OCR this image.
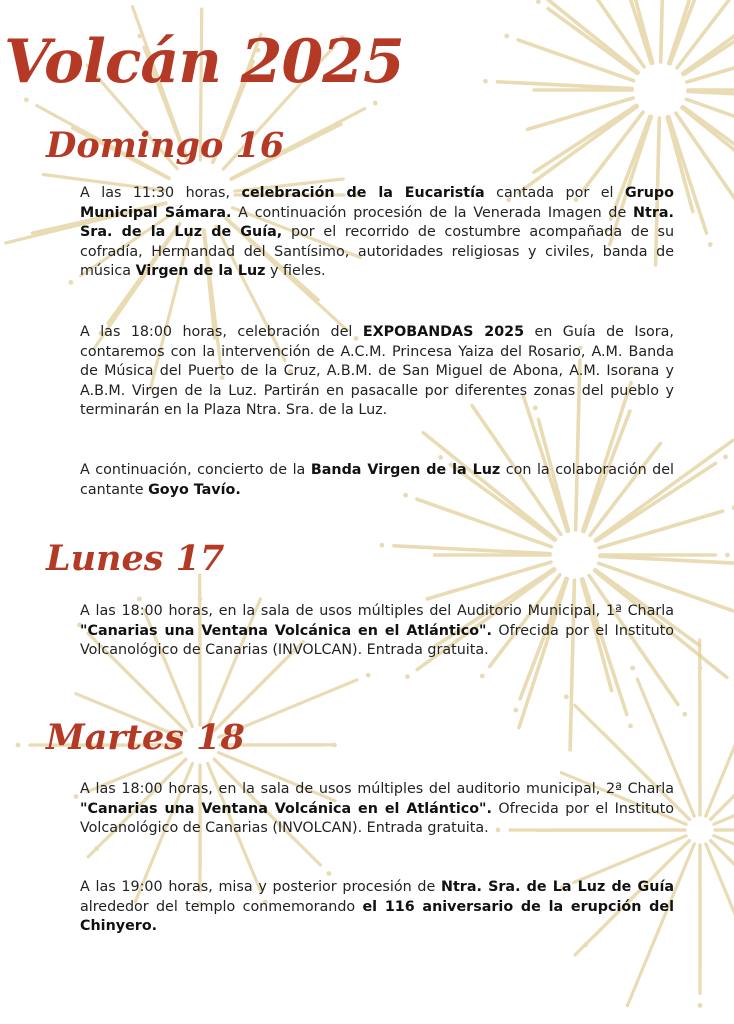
Volcán 2025
Domingo 16

A las 11:30 horas, celebración de la Eucaristía cantada por el Grupo Municipal Sámara. A continuación procesión de la Venerada Imagen de Ntra. Sra. de la Luz de Guía, por el recorrido de costumbre acompañada de su cofradía, Hermandad del Santísimo, autoridades religiosas y civiles, banda de música Virgen de la Luz y fieles.

A las 18:00 horas, celebración del EXPOBANDAS 2025 en Guía de Isora, contaremos con la intervención de A.C.M. Princesa Yaiza del Rosario, A.M. Banda de Música del Puerto de la Cruz, A.B.M. de San Miguel de Abona, A.M. Isorana y A.B.M. Virgen de la Luz. Partirán en pasacalle por diferentes zonas del pueblo y terminarán en la Plaza Ntra. Sra. de la Luz.

A continuación, concierto de la Banda Virgen de la Luz con la colaboración del cantante Goyo Tavío.

Lunes 17

A las 18:00 horas, en la sala de usos múltiples del Auditorio Municipal, 1ª Charla "Canarias una Ventana Volcánica en el Atlántico". Ofrecida por el Instituto Volcanológico de Canarias (INVOLCAN). Entrada gratuita.

Martes 18

A las 18:00 horas, en la sala de usos múltiples del auditorio municipal, 2ª Charla "Canarias una Ventana Volcánica en el Atlántico". Ofrecida por el Instituto Volcanológico de Canarias (INVOLCAN). Entrada gratuita.

A las 19:00 horas, misa y posterior procesión de Ntra. Sra. de La Luz de Guía alrededor del templo conmemorando el 116 aniversario de la erupción del Chinyero.
